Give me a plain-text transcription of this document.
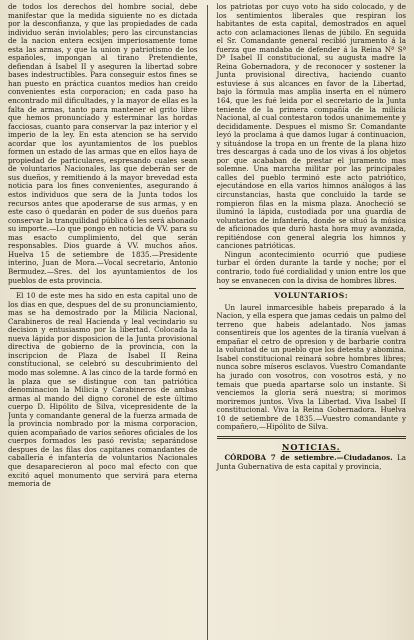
de todos los derechos del hombre social, debe manifestar que la medida siguiente no es dictada por la desconfianza, y que las propiedades de cada individuo serán inviolables; pero las circunstancias de la nacion entera ecsijen imperiosamente tome esta las armas, y que la union y patriotismo de los españoles, impongan al tirano Pretendiente, defiendan á Isabel II y aseguren la libertad sobre bases indestructibles. Para conseguir estos fines se han puesto en práctica cuantos medios han creido convenientes esta corporacion; en cada paso ha encontrado mil dificultades, y la mayor de ellas es la falta de armas, tanto para mantener el grito libre que hemos pronunciado y esterminar las hordas facciosas, cuanto para conservar la paz interior y el imperio de la ley. En esta atencion se ha servido acordar que los ayuntamientos de los pueblos formen un estado de las armas que en ellos haya de propiedad de particulares, espresando cuales sean de voluntarios Nacionales, las que deberán ser de sus dueños, y remitiendo á la mayor brevedad esta noticia para los fines convenientes, asegurando á estos individuos que sera de la Junta todos los recursos antes que apoderarse de sus armas, y en este caso ó quedarán en poder de sus dueños para conservar la tranquilidad pública ó les será abonado su importe.—Lo que pongo en noticia de VV. para su mas esacto cumplimiento, del que serán responsables. Dios guarde á VV. muchos años. Huelva 15 de setiembre de 1835.—Presidente interino, Juan de Mora.—Vocal secretario, Antonio Bermudez.—Sres. del los ayuntamientos de los pueblos de esta provincia.

El 10 de este mes ha sido en esta capital uno de los dias en que, despues del de su pronunciamiento, mas se ha demostrado por la Milicia Nacional, Carabineros de real Hacienda y leal vecindario su decision y entusiasmo por la libertad. Colocada la nueva lápida por disposicion de la Junta provisional directiva de gobierno de la provincia, con la inscripcion de Plaza de Isabel II Reina constitucional, se celebró su descubrimiento del modo mas solemne. A las cinco de la tarde formó en la plaza que se distingue con tan patriótica denominacion la Milicia y Carabineros de ambas armas al mando del digno coronel de este último cuerpo D. Hipólito de Silva, vicepresidente de la Junta y comandante general de la fuerza armada de la provincia nombrado por la misma corporacion, quien acompañado de varios señores oficiales de los cuerpos formados les pasó revista; separándose despues de las filas dos capitanes comandantes de caballería é infantería de voluntarios Nacionales que desaparecieron al poco mal efecto con que excitó aquel monumento que servirá para eterna memoria de

los patriotas por cuyo voto ha sido colocado, y de los sentimientos liberales que respiran los habitantes de esta capital, demostrados en aquel acto con aclamaciones llenas de júbilo. En seguida el Sr. Comandante general recibió juramento á la fuerza que mandaba de defender á la Reina Nª Sª Dª Isabel II constitucional, su augusta madre la Reina Gobernadora, y de reconocer y sostener la Junta provisional directiva, haciendo cuanto estuviese á sus alcances en favor de la Libertad, bajo la fórmula mas amplia inserta en el número 164, que les fué leida por el secretario de la Junta teniente de la primera compañía de la milicia Nacional, al cual contestaron todos unanimemente y decididamente. Despues el mismo Sr. Comandante leyó la proclama á que damos lugar á continuacion, y situándose la tropa en un frente de la plana hizo tres descargas á cada uno de los vivas á los objetos por que acababan de prestar el juramento mas solemne. Una marcha militar por las principales calles del pueblo terminó este acto patriótico, ejecutándose en ella varios himnos análogos á las circunstancias, hasta que concluido la tarde se rompieron filas en la misma plaza. Anocheció se iluminó la lápida, custodiada por una guardia de voluntarios de infantería, donde se situó la música de aficionados que duró hasta hora muy avanzada, repitiéndose con general alegria los himnos y canciones patrióticas.

Ningun acontecimiento ocurrió que pudiese turbar el órden durante la tarde y noche; por el contrario, todo fué cordialidad y union entre los que hoy se envanecen con la divisa de hombres libres.

VOLUNTARIOS:

Un laurel inmarcesible habeis preparado á la Nacion, y ella espera que jamas cedais un palmo del terreno que habeis adelantado. Nos jamas consentireis que los agentes de la tiranía vuelvan á empañar el cetro de opresion y de barbarie contra la voluntad de un pueblo que los detesta y abomina. Isabel constitucional reinará sobre hombres libres; nunca sobre míseros esclavos. Vuestro Comandante ha jurado con vosotros, con vosotros está, y no temais que pueda apartarse solo un instante. Si venciemos la gloria será nuestra; si morimos moriremos juntos. Viva la Libertad. Viva Isabel II constitucional. Viva la Reina Gobernadora. Huelva 10 de setiembre de 1835.—Vuestro comandante y compañero,—Hipólito de Silva.

NOTICIAS.

CÓRDOBA 7 de setiembre.—Ciudadanos. La Junta Gubernativa de esta capital y provincia,
